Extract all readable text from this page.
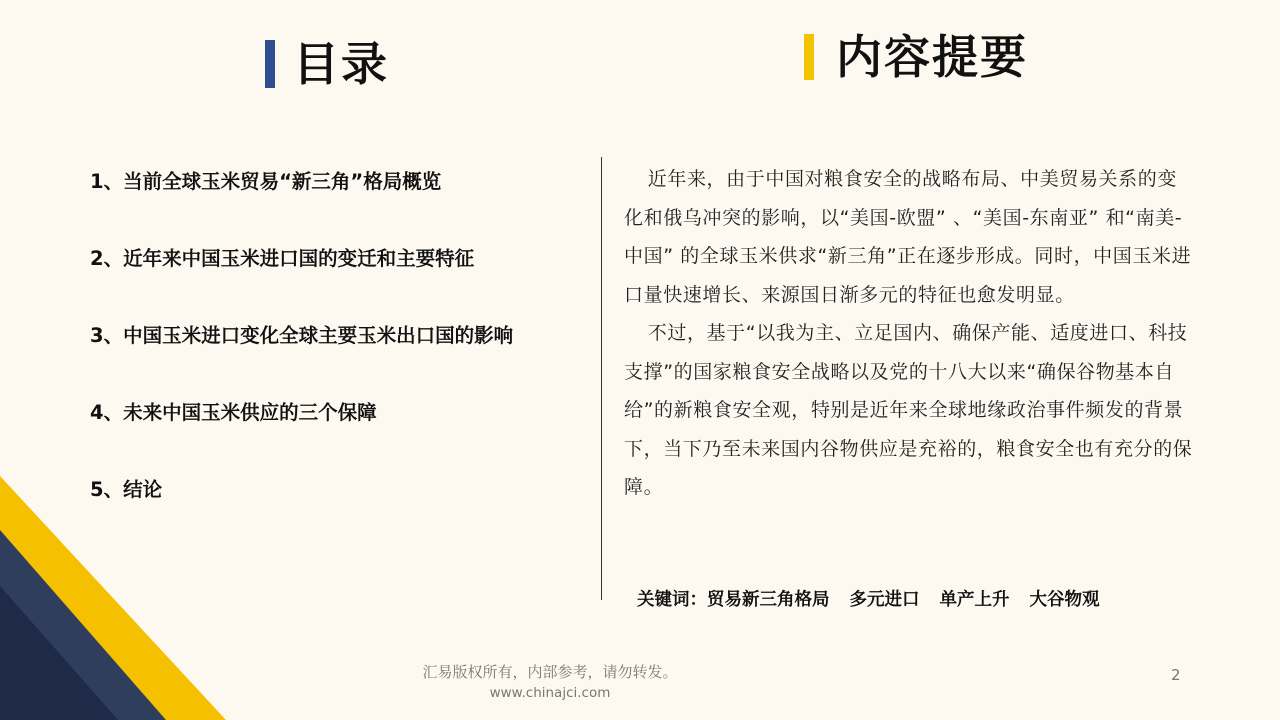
目录	内容提要
1、当前全球玉米贸易“新三角”格局概览
2、近年来中国玉米进口国的变迁和主要特征
3、中国玉米进口变化全球主要玉米出口国的影响
4、未来中国玉米供应的三个保障
5、结论

近年来，由于中国对粮食安全的战略布局、中美贸易关系的变化和俄乌冲突的影响，以“美国-欧盟” 、“美国-东南亚” 和“南美-中国” 的全球玉米供求“新三角”正在逐步形成。同时，中国玉米进口量快速增长、来源国日渐多元的特征也愈发明显。

不过，基于“以我为主、立足国内、确保产能、适度进口、科技支撑”的国家粮食安全战略以及党的十八大以来“确保谷物基本自给”的新粮食安全观，特别是近年来全球地缘政治事件频发的背景下，当下乃至未来国内谷物供应是充裕的，粮食安全也有充分的保障。

关键词： 贸易新三角格局 多元进口 单产上升 大谷物观
汇易版权所有，内部参考，请勿转发。
www.chinajci.com
2
